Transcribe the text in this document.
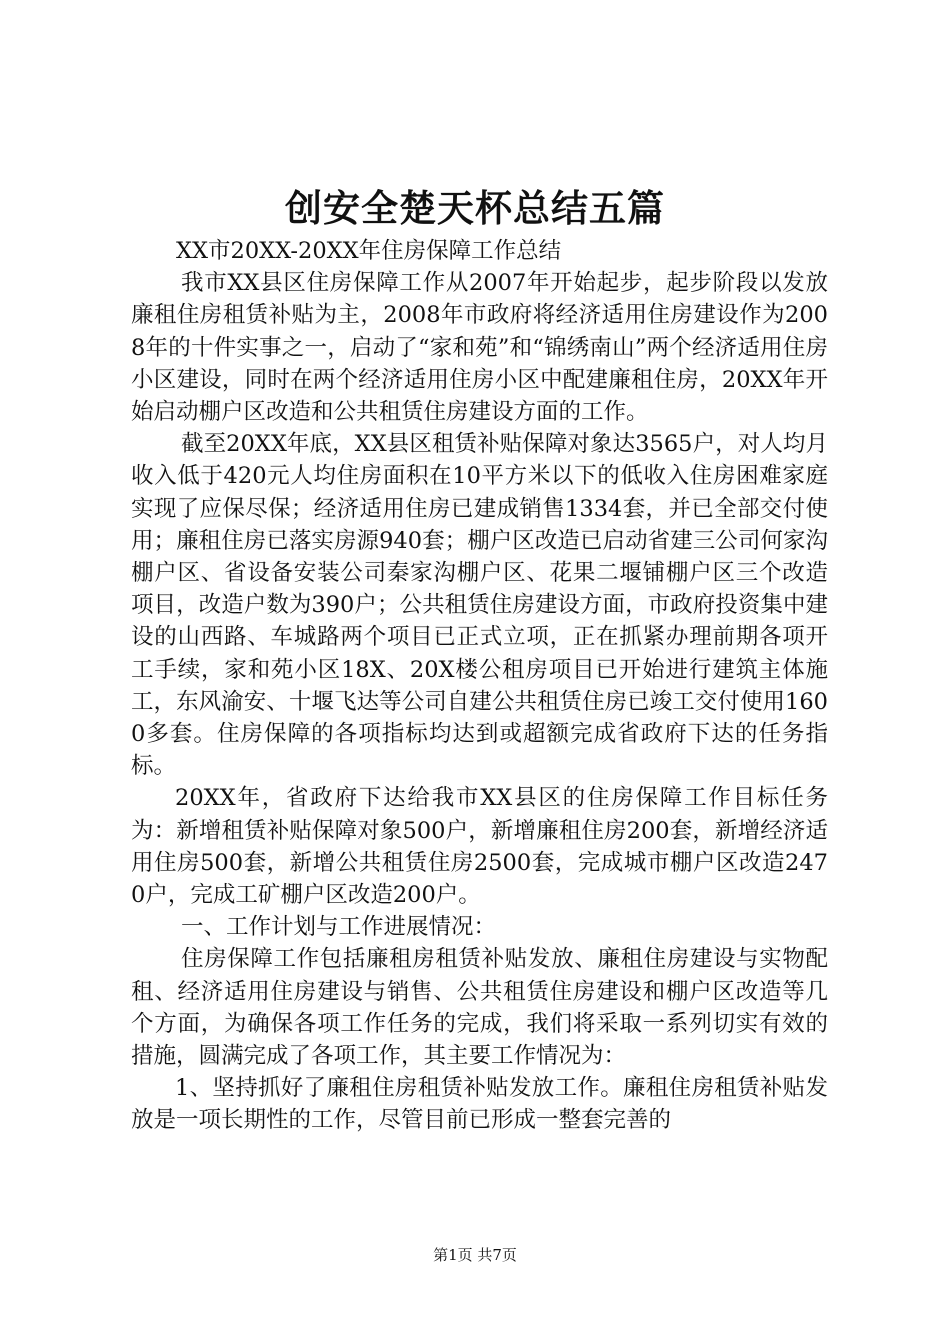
创安全楚天杯总结五篇

XX市20XX-20XX年住房保障工作总结

我市XX县区住房保障工作从2007年开始起步，起步阶段以发放廉租住房租赁补贴为主，2008年市政府将经济适用住房建设作为2008年的十件实事之一，启动了“家和苑”和“锦绣南山”两个经济适用住房小区建设，同时在两个经济适用住房小区中配建廉租住房，20XX年开始启动棚户区改造和公共租赁住房建设方面的工作。

截至20XX年底，XX县区租赁补贴保障对象达3565户，对人均月收入低于420元人均住房面积在10平方米以下的低收入住房困难家庭实现了应保尽保；经济适用住房已建成销售1334套，并已全部交付使用；廉租住房已落实房源940套；棚户区改造已启动省建三公司何家沟棚户区、省设备安装公司秦家沟棚户区、花果二堰铺棚户区三个改造项目，改造户数为390户；公共租赁住房建设方面，市政府投资集中建设的山西路、车城路两个项目已正式立项，正在抓紧办理前期各项开工手续，家和苑小区18X、20X楼公租房项目已开始进行建筑主体施工，东风渝安、十堰飞达等公司自建公共租赁住房已竣工交付使用1600多套。住房保障的各项指标均达到或超额完成省政府下达的任务指标。

20XX年，省政府下达给我市XX县区的住房保障工作目标任务为：新增租赁补贴保障对象500户，新增廉租住房200套，新增经济适用住房500套，新增公共租赁住房2500套，完成城市棚户区改造2470户，完成工矿棚户区改造200户。

一、工作计划与工作进展情况：

住房保障工作包括廉租房租赁补贴发放、廉租住房建设与实物配租、经济适用住房建设与销售、公共租赁住房建设和棚户区改造等几个方面，为确保各项工作任务的完成，我们将采取一系列切实有效的措施，圆满完成了各项工作，其主要工作情况为：

1、坚持抓好了廉租住房租赁补贴发放工作。廉租住房租赁补贴发放是一项长期性的工作，尽管目前已形成一整套完善的

第1页 共7页
